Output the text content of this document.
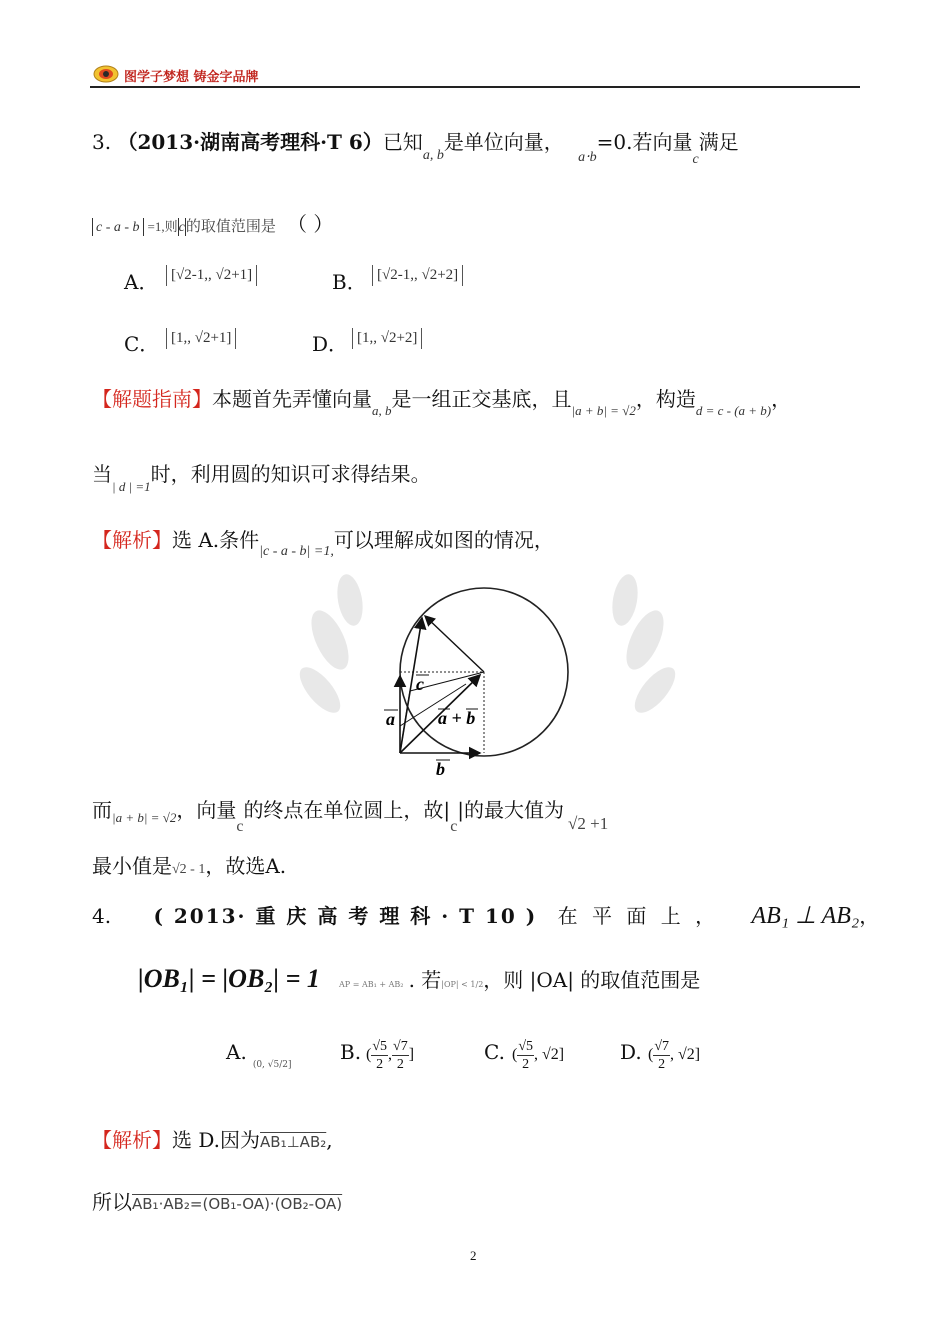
图学子梦想 铸金字品牌
3. （2013·湖南高考理科·T 6）已知$_{a, b}$是单位向量， $_{a\cdot b}$=0.若向量$_c$满足
c - a - b =1,则c的取值范围是 （ ）
A． [√2-1,, √2+1]	B． [√2-1,, √2+2]
C． [1,, √2+1]	D． [1,, √2+2]
【解题指南】本题首先弄懂向量$_{a, b}$是一组正交基底，且$_{|a + b| = √2}$，构造$_{d = c - (a + b)}$，
当$_{| d | =1}$时，利用圆的知识可求得结果。
【解析】选 A.条件$_{|c - a - b| =1,}$可以理解成如图的情况，
c
a a + b
b
而$_{|a + b| = √2}$，向量$_c$的终点在单位圆上，故$|_c|$的最大值为$_{√2 +1}$
最小值是√2 - 1，故选A.
4. ( 2013· 重 庆 高 考 理 科 · T 10 ) 在 平 面 上 ， AB₁ ⊥ AB₂，
|OB₁| = |OB₂| = 1 AP = AB₁ + AB₂ . 若|OP| < 1/2，则 |OA| 的取值范围是
$A._{(0, √5/2]}$
B. ( $\frac{√5}{2}$ , $\frac{√7}{2}$ ]	C. ( $\frac{√5}{2}$ , √2]	D. ( $\frac{√7}{2}$ , √2]
【解析】选 D.因为AB₁⊥AB₂,
所以AB₁·AB₂=(OB₁-OA)·(OB₂-OA)
2
